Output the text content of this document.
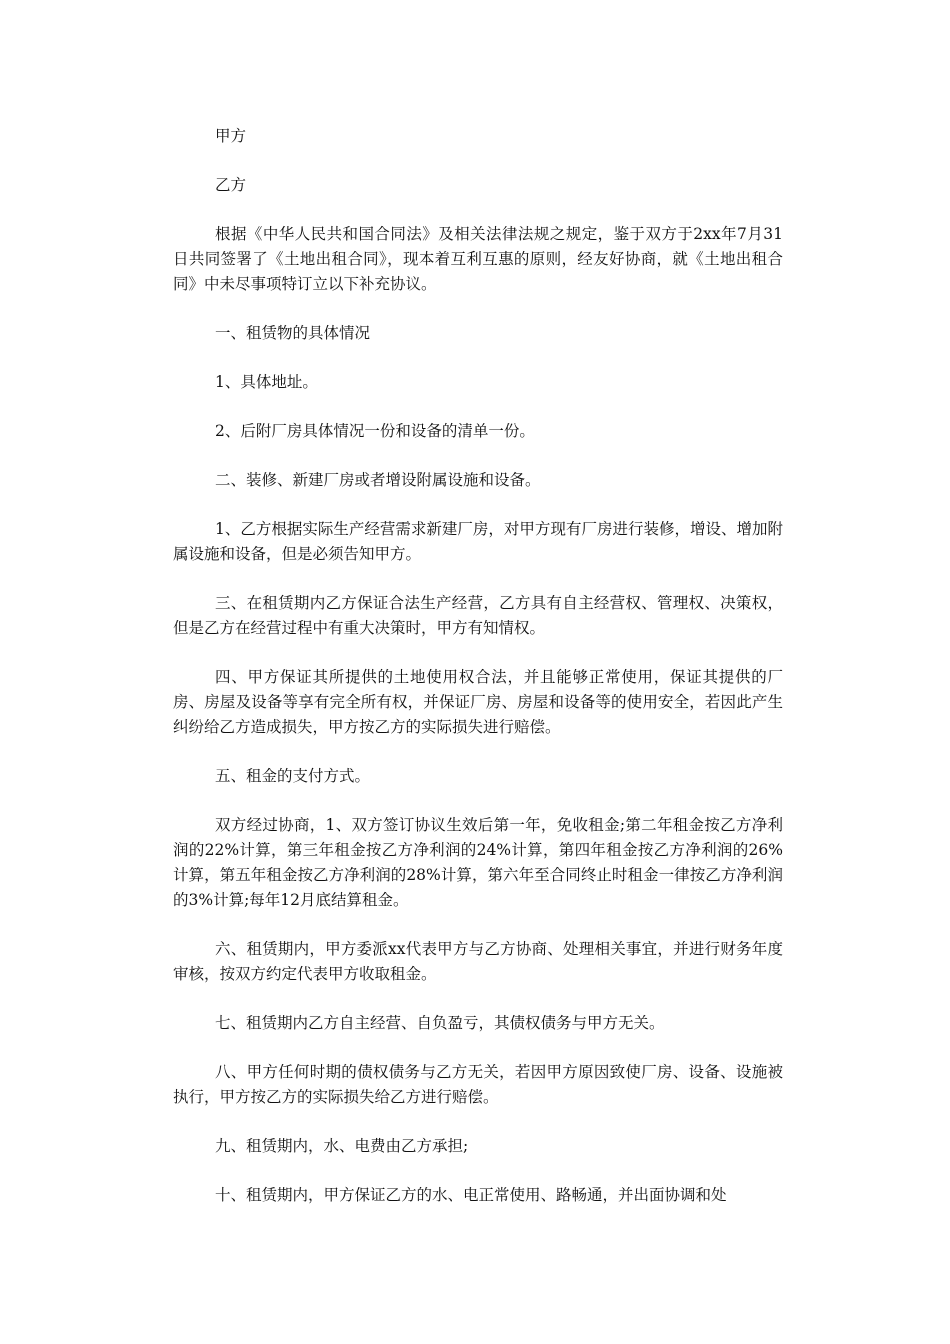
甲方

乙方

根据《中华人民共和国合同法》及相关法律法规之规定，鉴于双方于2xx年7月31日共同签署了《土地出租合同》，现本着互利互惠的原则，经友好协商，就《土地出租合同》中未尽事项特订立以下补充协议。

一、租赁物的具体情况

1、具体地址。

2、后附厂房具体情况一份和设备的清单一份。

二、装修、新建厂房或者增设附属设施和设备。

1、乙方根据实际生产经营需求新建厂房，对甲方现有厂房进行装修，增设、增加附属设施和设备，但是必须告知甲方。

三、在租赁期内乙方保证合法生产经营，乙方具有自主经营权、管理权、决策权，但是乙方在经营过程中有重大决策时，甲方有知情权。

四、甲方保证其所提供的土地使用权合法，并且能够正常使用，保证其提供的厂房、房屋及设备等享有完全所有权，并保证厂房、房屋和设备等的使用安全，若因此产生纠纷给乙方造成损失，甲方按乙方的实际损失进行赔偿。

五、租金的支付方式。

双方经过协商，1、双方签订协议生效后第一年，免收租金;第二年租金按乙方净利润的22%计算，第三年租金按乙方净利润的24%计算，第四年租金按乙方净利润的26%计算，第五年租金按乙方净利润的28%计算，第六年至合同终止时租金一律按乙方净利润的3%计算;每年12月底结算租金。

六、租赁期内，甲方委派xx代表甲方与乙方协商、处理相关事宜，并进行财务年度审核，按双方约定代表甲方收取租金。

七、租赁期内乙方自主经营、自负盈亏，其债权债务与甲方无关。

八、甲方任何时期的债权债务与乙方无关，若因甲方原因致使厂房、设备、设施被执行，甲方按乙方的实际损失给乙方进行赔偿。

九、租赁期内，水、电费由乙方承担;

十、租赁期内，甲方保证乙方的水、电正常使用、路畅通，并出面协调和处
